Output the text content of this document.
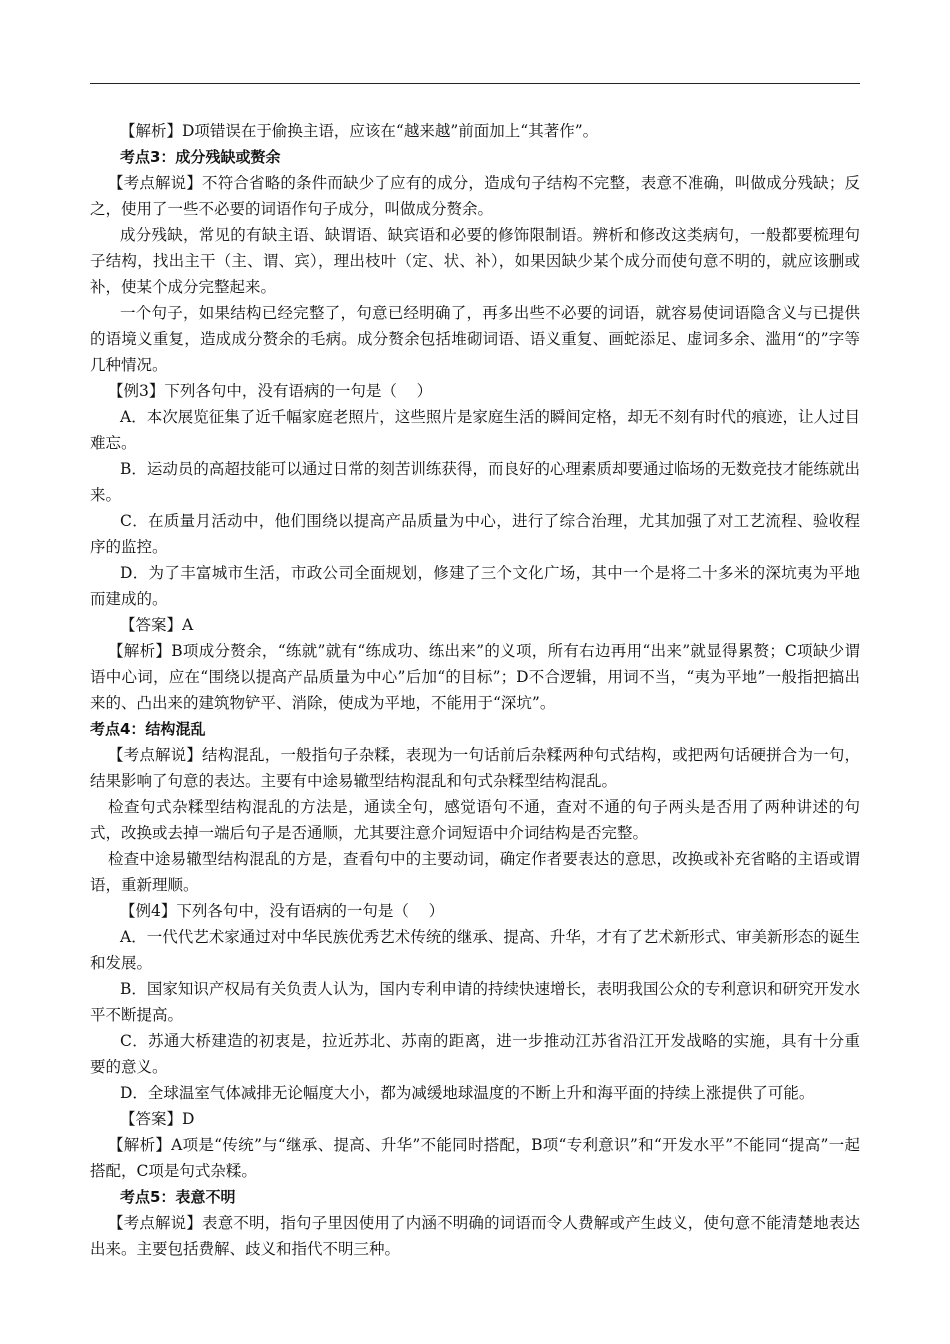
【解析】D项错误在于偷换主语，应该在“越来越”前面加上“其著作”。

考点3：成分残缺或赘余

【考点解说】不符合省略的条件而缺少了应有的成分，造成句子结构不完整，表意不准确，叫做成分残缺；反之，使用了一些不必要的词语作句子成分，叫做成分赘余。

成分残缺，常见的有缺主语、缺谓语、缺宾语和必要的修饰限制语。辨析和修改这类病句，一般都要梳理句子结构，找出主干（主、谓、宾），理出枝叶（定、状、补），如果因缺少某个成分而使句意不明的，就应该删或补，使某个成分完整起来。

一个句子，如果结构已经完整了，句意已经明确了，再多出些不必要的词语，就容易使词语隐含义与已提供的语境义重复，造成成分赘余的毛病。成分赘余包括堆砌词语、语义重复、画蛇添足、虚词多余、滥用“的”字等几种情况。

【例3】下列各句中，没有语病的一句是（    ）

A．本次展览征集了近千幅家庭老照片，这些照片是家庭生活的瞬间定格，却无不刻有时代的痕迹，让人过目难忘。

B．运动员的高超技能可以通过日常的刻苦训练获得，而良好的心理素质却要通过临场的无数竞技才能练就出来。

C．在质量月活动中，他们围绕以提高产品质量为中心，进行了综合治理，尤其加强了对工艺流程、验收程序的监控。

D．为了丰富城市生活，市政公司全面规划，修建了三个文化广场，其中一个是将二十多米的深坑夷为平地而建成的。

【答案】A

【解析】B项成分赘余，“练就”就有“练成功、练出来”的义项，所有右边再用“出来”就显得累赘；C项缺少谓语中心词，应在“围绕以提高产品质量为中心”后加“的目标”；D不合逻辑，用词不当，“夷为平地”一般指把搞出来的、凸出来的建筑物铲平、消除，使成为平地，不能用于“深坑”。

考点4：结构混乱

【考点解说】结构混乱，一般指句子杂糅，表现为一句话前后杂糅两种句式结构，或把两句话硬拼合为一句，结果影响了句意的表达。主要有中途易辙型结构混乱和句式杂糅型结构混乱。

检查句式杂糅型结构混乱的方法是，通读全句，感觉语句不通，查对不通的句子两头是否用了两种讲述的句式，改换或去掉一端后句子是否通顺，尤其要注意介词短语中介词结构是否完整。

检查中途易辙型结构混乱的方是，查看句中的主要动词，确定作者要表达的意思，改换或补充省略的主语或谓语，重新理顺。

【例4】下列各句中，没有语病的一句是（    ）

A．一代代艺术家通过对中华民族优秀艺术传统的继承、提高、升华，才有了艺术新形式、审美新形态的诞生和发展。

B．国家知识产权局有关负责人认为，国内专利申请的持续快速增长，表明我国公众的专利意识和研究开发水平不断提高。

C．苏通大桥建造的初衷是，拉近苏北、苏南的距离，进一步推动江苏省沿江开发战略的实施，具有十分重要的意义。

D．全球温室气体减排无论幅度大小，都为减缓地球温度的不断上升和海平面的持续上涨提供了可能。

【答案】D

【解析】A项是“传统”与“继承、提高、升华”不能同时搭配，B项“专利意识”和“开发水平”不能同“提高”一起搭配，C项是句式杂糅。

考点5：表意不明

【考点解说】表意不明，指句子里因使用了内涵不明确的词语而令人费解或产生歧义，使句意不能清楚地表达出来。主要包括费解、歧义和指代不明三种。
